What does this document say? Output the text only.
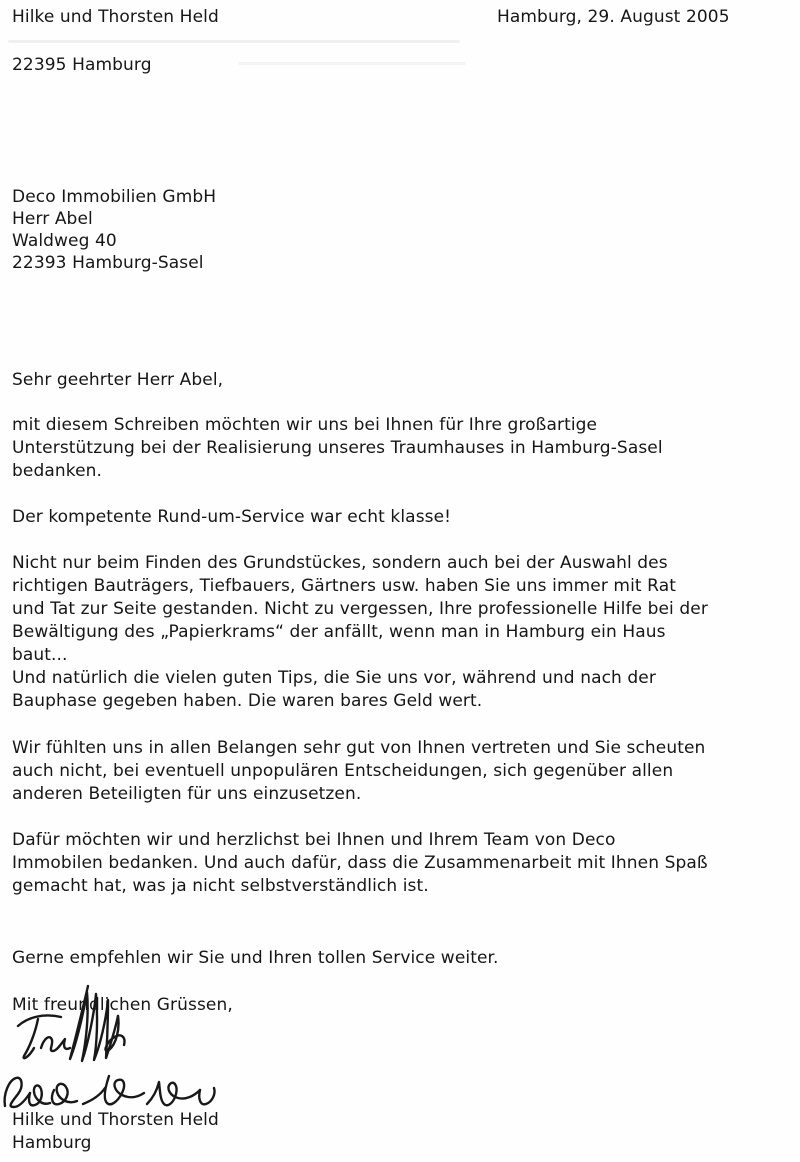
Hilke und Thorsten Held	Hamburg, 29. August 2005
22395 Hamburg
Deco Immobilien GmbH
Herr Abel
Waldweg 40
22393 Hamburg-Sasel
Sehr geehrter Herr Abel,
mit diesem Schreiben möchten wir uns bei Ihnen für Ihre großartige
Unterstützung bei der Realisierung unseres Traumhauses in Hamburg-Sasel
bedanken.
Der kompetente Rund-um-Service war echt klasse!
Nicht nur beim Finden des Grundstückes, sondern auch bei der Auswahl des
richtigen Bauträgers, Tiefbauers, Gärtners usw. haben Sie uns immer mit Rat
und Tat zur Seite gestanden. Nicht zu vergessen, Ihre professionelle Hilfe bei der
Bewältigung des „Papierkrams“ der anfällt, wenn man in Hamburg ein Haus
baut...
Und natürlich die vielen guten Tips, die Sie uns vor, während und nach der
Bauphase gegeben haben. Die waren bares Geld wert.
Wir fühlten uns in allen Belangen sehr gut von Ihnen vertreten und Sie scheuten
auch nicht, bei eventuell unpopulären Entscheidungen, sich gegenüber allen
anderen Beteiligten für uns einzusetzen.
Dafür möchten wir und herzlichst bei Ihnen und Ihrem Team von Deco
Immobilen bedanken. Und auch dafür, dass die Zusammenarbeit mit Ihnen Spaß
gemacht hat, was ja nicht selbstverständlich ist.
Gerne empfehlen wir Sie und Ihren tollen Service weiter.
Mit freundlichen Grüssen,
Hilke und Thorsten Held
Hamburg
